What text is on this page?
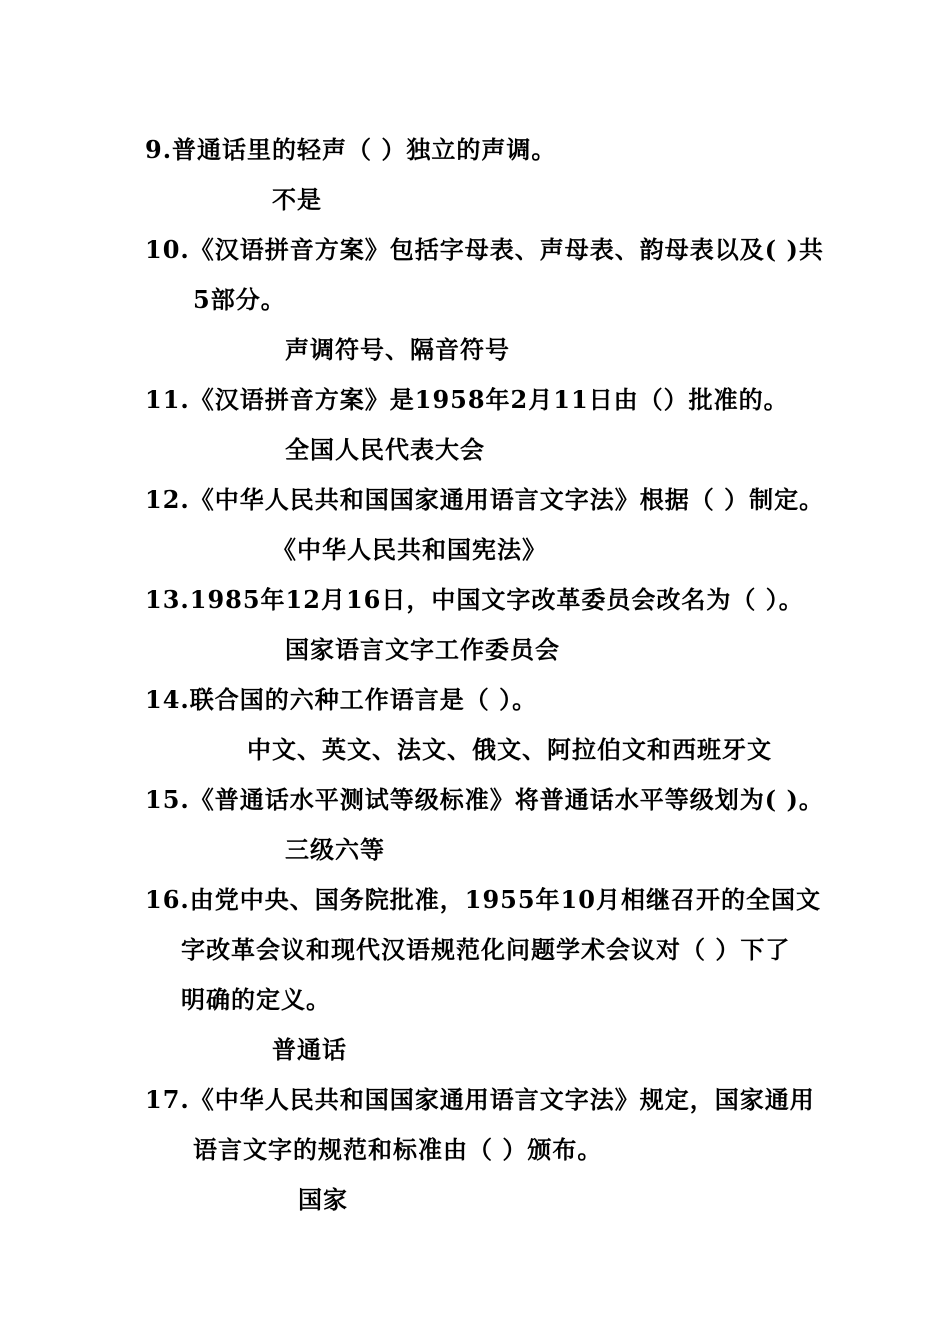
9.普通话里的轻声（ ）独立的声调。
不是
10.《汉语拼音方案》包括字母表、声母表、韵母表以及( )共
5部分。
声调符号、隔音符号
11.《汉语拼音方案》是1958年2月11日由（）批准的。
全国人民代表大会
12.《中华人民共和国国家通用语言文字法》根据（ ）制定。
《中华人民共和国宪法》
13.1985年12月16日，中国文字改革委员会改名为（ ）。
国家语言文字工作委员会
14.联合国的六种工作语言是（ ）。
中文、英文、法文、俄文、阿拉伯文和西班牙文
15.《普通话水平测试等级标准》将普通话水平等级划为( )。
三级六等
16.由党中央、国务院批准，1955年10月相继召开的全国文
字改革会议和现代汉语规范化问题学术会议对（ ）下了
明确的定义。
普通话
17.《中华人民共和国国家通用语言文字法》规定，国家通用
语言文字的规范和标准由（ ）颁布。
国家
